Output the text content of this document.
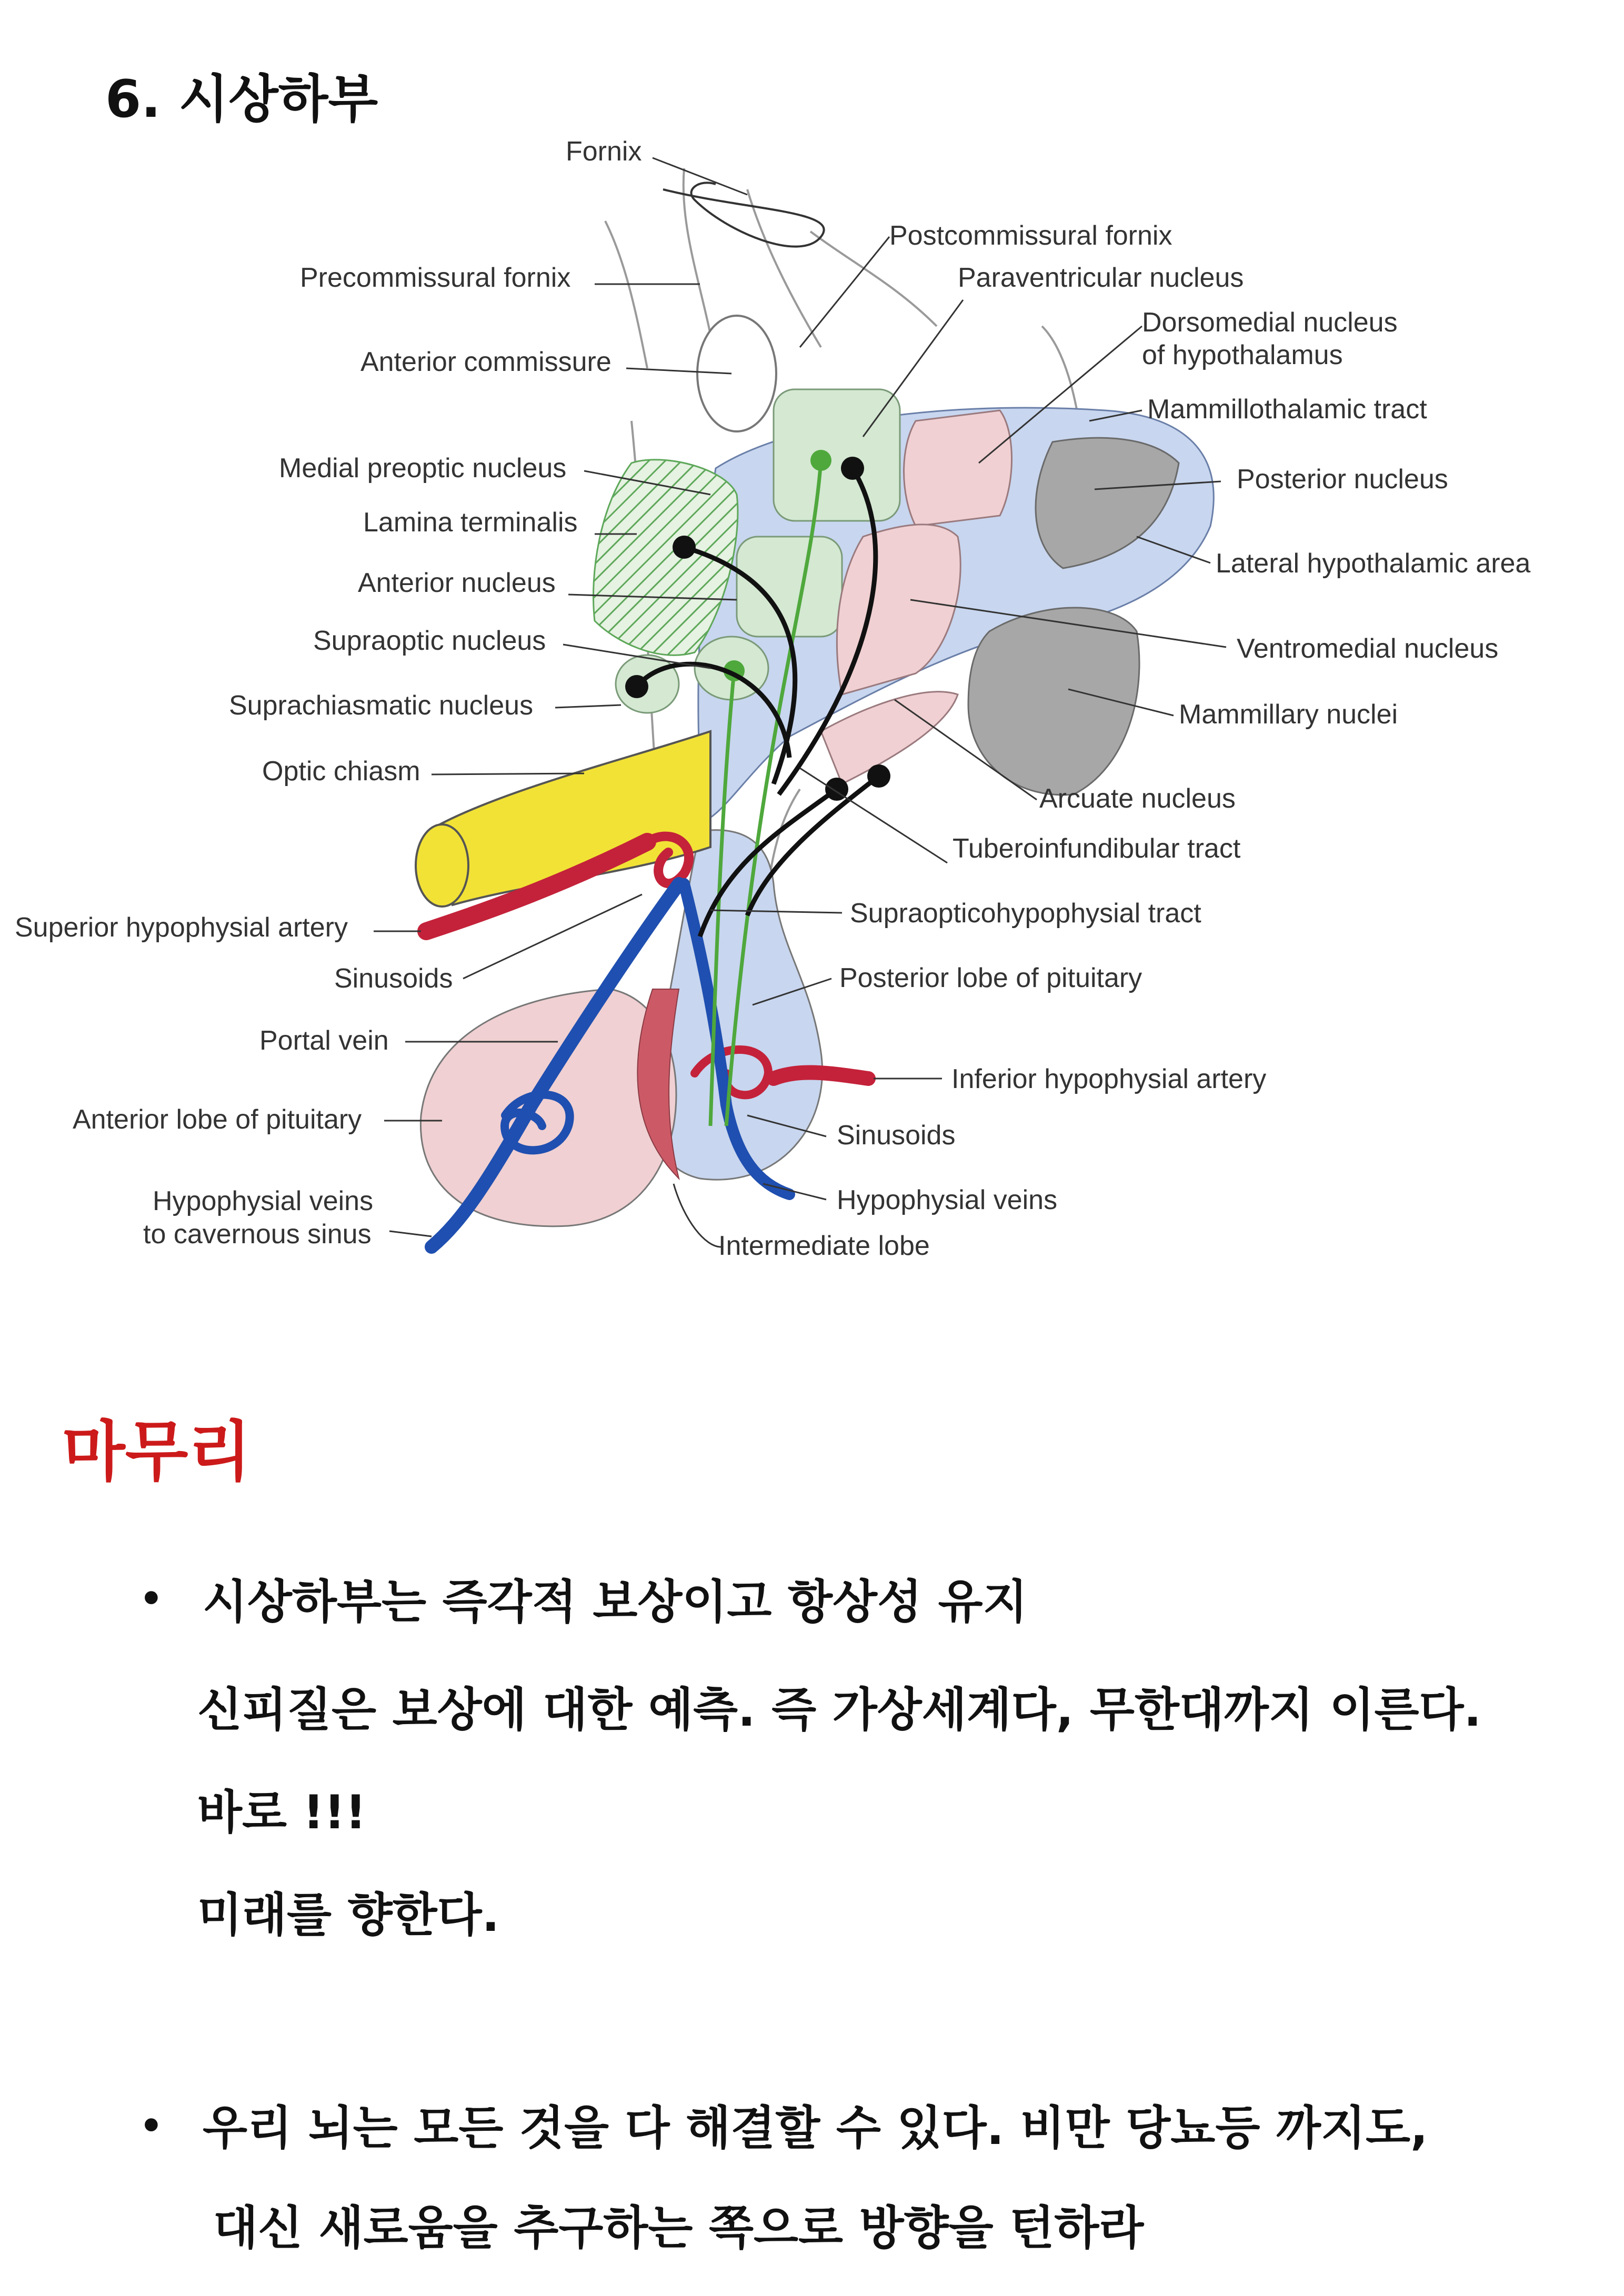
6. 시상하부
Fornix
Postcommissural fornix
Precommissural fornix	Paraventricular nucleus
Dorsomedial nucleus
of hypothalamus
Anterior commissure
Mammillothalamic tract
Medial preoptic nucleus	Posterior nucleus
Lamina terminalis
Lateral hypothalamic area
Anterior nucleus
Supraoptic nucleus	Ventromedial nucleus
Suprachiasmatic nucleus	Mammillary nuclei
Optic chiasm
Arcuate nucleus
Tuberoinfundibular tract
Superior hypophysial artery	Supraopticohypophysial tract
Sinusoids	Posterior lobe of pituitary
Portal vein
Inferior hypophysial artery
Anterior lobe of pituitary
Sinusoids
Hypophysial veins
to cavernous sinus
Hypophysial veins
Intermediate lobe
마무리
• 시상하부는 즉각적 보상이고 항상성 유지
신피질은 보상에 대한 예측. 즉 가상세계다, 무한대까지 이른다.
바로 !!!
미래를 향한다.
• 우리 뇌는 모든 것을 다 해결할 수 있다. 비만 당뇨등 까지도,
대신 새로움을 추구하는 쪽으로 방향을 턴하라
